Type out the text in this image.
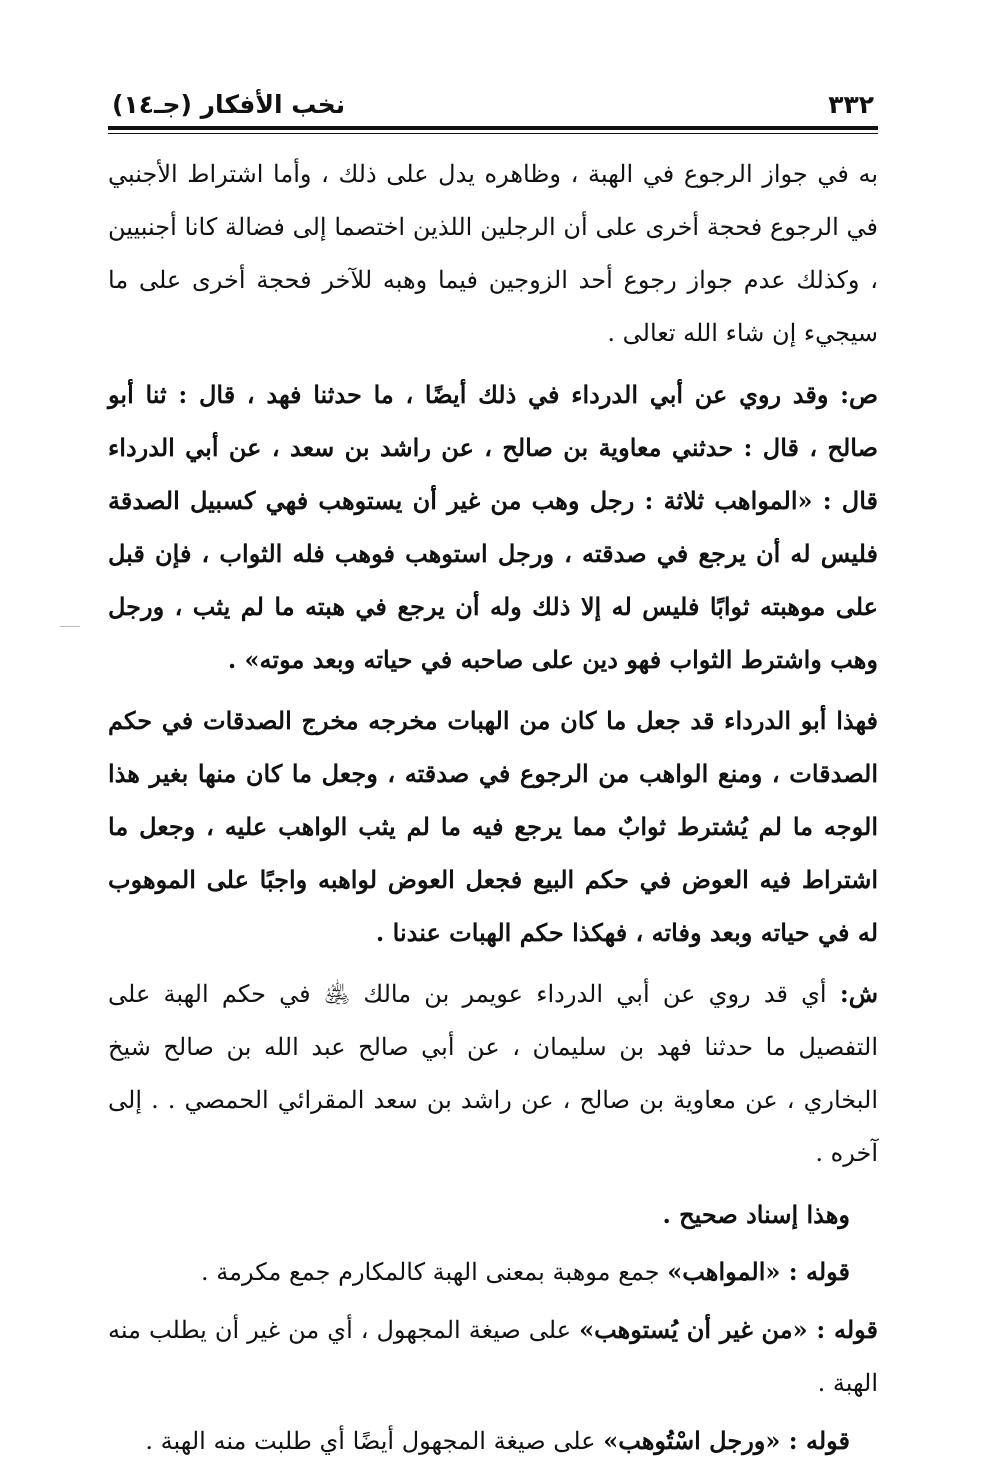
٣٣٢
نخب الأفكار (جـ١٤)

به في جواز الرجوع في الهبة ، وظاهره يدل على ذلك ، وأما اشتراط الأجنبي في الرجوع فحجة أخرى على أن الرجلين اللذين اختصما إلى فضالة كانا أجنبيين ، وكذلك عدم جواز رجوع أحد الزوجين فيما وهبه للآخر فحجة أخرى على ما سيجيء إن شاء الله تعالى .

ص: وقد روي عن أبي الدرداء في ذلك أيضًا ، ما حدثنا فهد ، قال : ثنا أبو صالح ، قال : حدثني معاوية بن صالح ، عن راشد بن سعد ، عن أبي الدرداء قال : «المواهب ثلاثة : رجل وهب من غير أن يستوهب فهي كسبيل الصدقة فليس له أن يرجع في صدقته ، ورجل استوهب فوهب فله الثواب ، فإن قبل على موهبته ثوابًا فليس له إلا ذلك وله أن يرجع في هبته ما لم يثب ، ورجل وهب واشترط الثواب فهو دين على صاحبه في حياته وبعد موته» .

فهذا أبو الدرداء قد جعل ما كان من الهبات مخرجه مخرج الصدقات في حكم الصدقات ، ومنع الواهب من الرجوع في صدقته ، وجعل ما كان منها بغير هذا الوجه ما لم يُشترط ثوابٌ مما يرجع فيه ما لم يثب الواهب عليه ، وجعل ما اشتراط فيه العوض في حكم البيع فجعل العوض لواهبه واجبًا على الموهوب له في حياته وبعد وفاته ، فهكذا حكم الهبات عندنا .

ش: أي قد روي عن أبي الدرداء عويمر بن مالك ﵁ في حكم الهبة على التفصيل ما حدثنا فهد بن سليمان ، عن أبي صالح عبد الله بن صالح شيخ البخاري ، عن معاوية بن صالح ، عن راشد بن سعد المقرائي الحمصي . . إلى آخره .

وهذا إسناد صحيح .

قوله : «المواهب» جمع موهبة بمعنى الهبة كالمكارم جمع مكرمة .

قوله : «من غير أن يُستوهب» على صيغة المجهول ، أي من غير أن يطلب منه الهبة .

قوله : «ورجل اسْتُوهب» على صيغة المجهول أيضًا أي طلبت منه الهبة .
